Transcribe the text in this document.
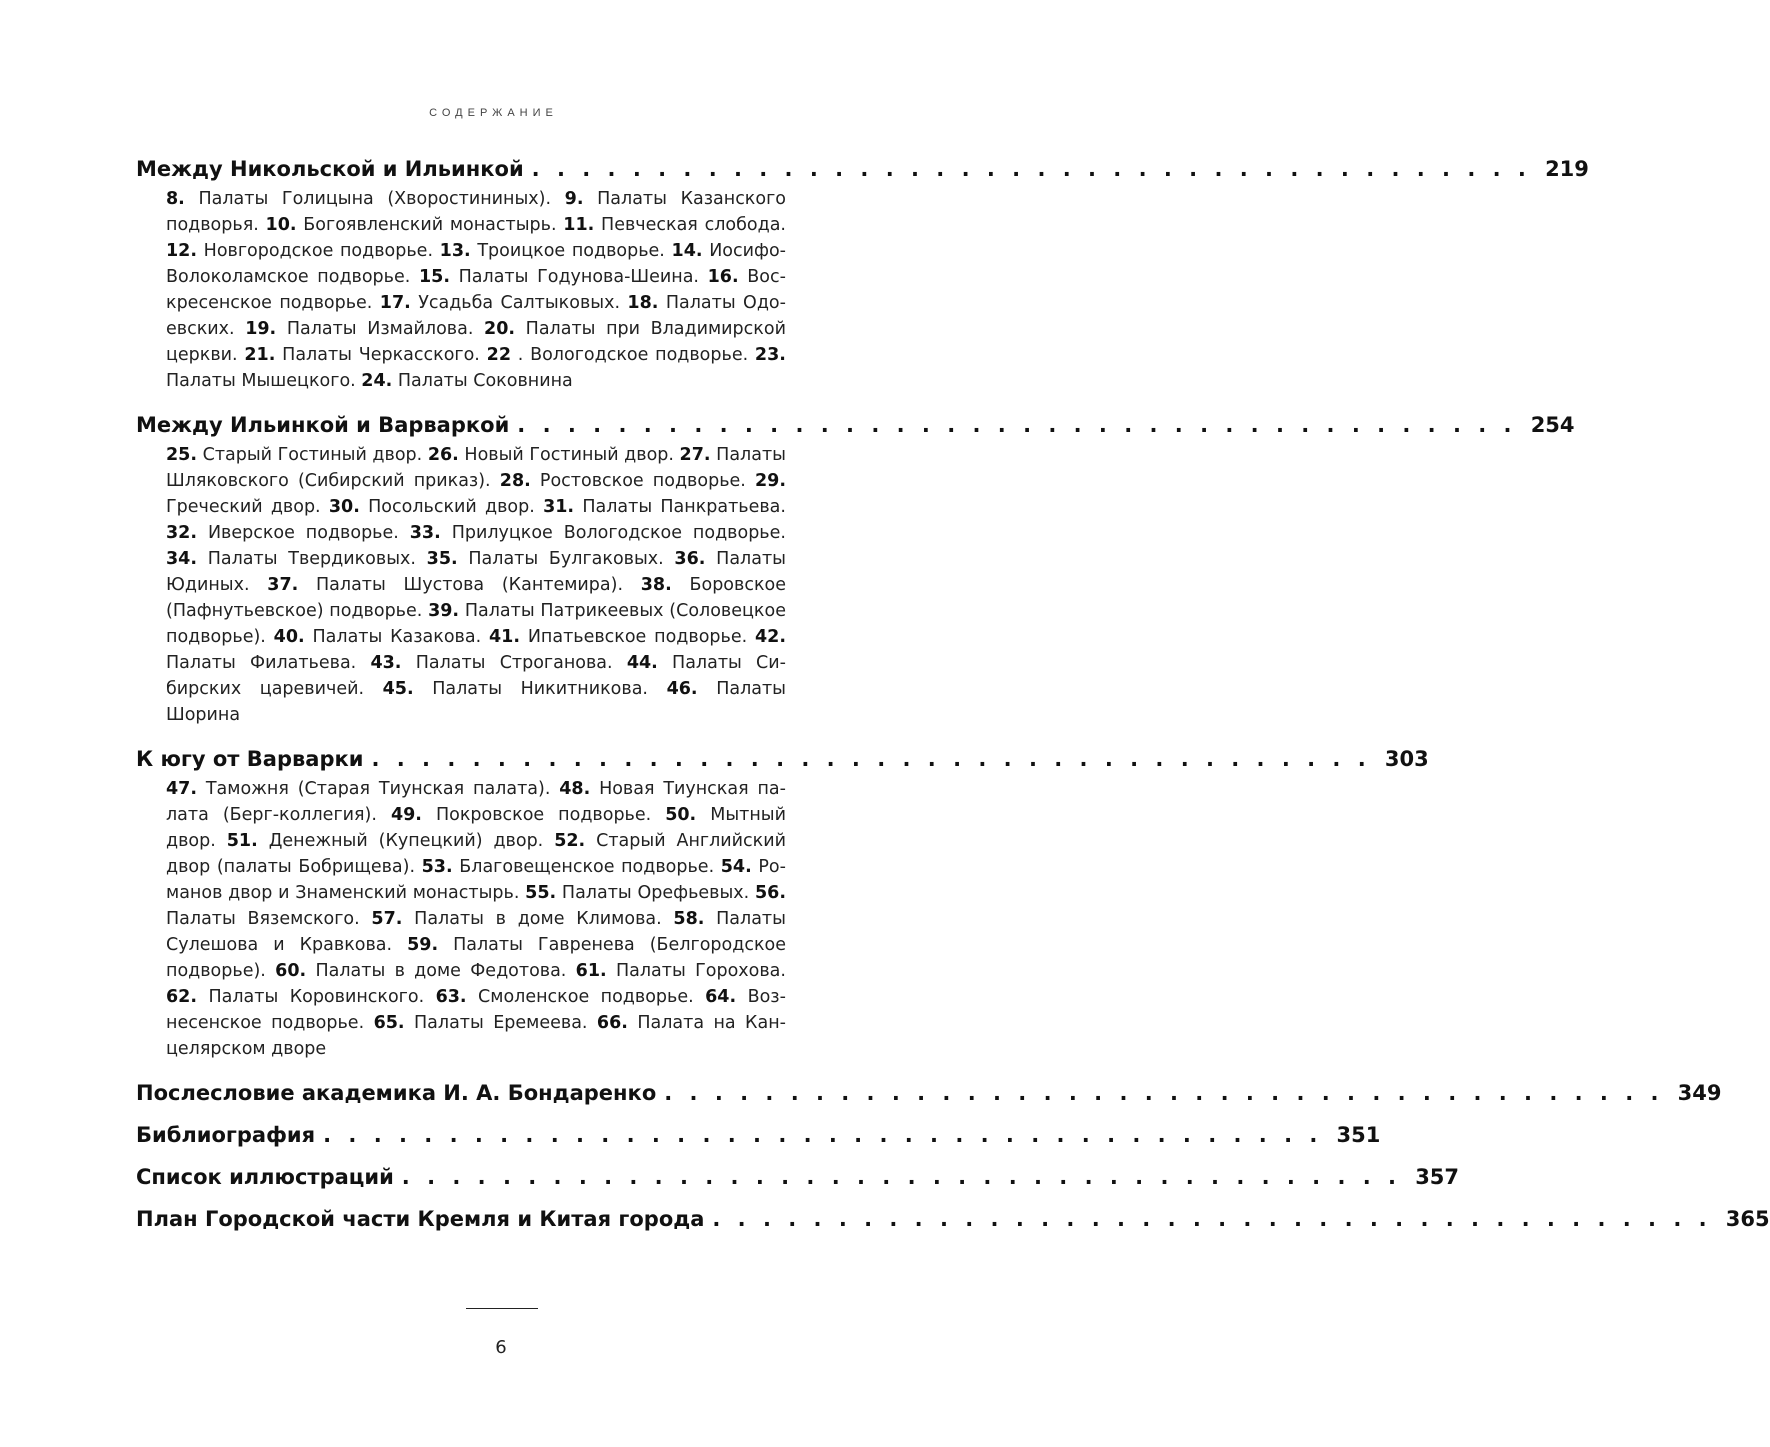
СОДЕРЖАНИЕ
Между Никольской и Ильинкой . . . . . . . . . . . . . . . . . . . . . . . . . . . . . . . . . . . . . . . . 219
8. Палаты Голицына (Хворостининых). 9. Палаты Казанского подворья. 10. Богоявленский монастырь. 11. Певческая слобода. 12. Новгородское подворье. 13. Троицкое подворье. 14. Иосифо-Волоколамское подворье. 15. Палаты Годунова-Шеина. 16. Воскресенское подворье. 17. Усадьба Салтыковых. 18. Палаты Одоевских. 19. Палаты Измайлова. 20. Палаты при Владимирской церкви. 21. Палаты Черкасского. 22 . Вологодское подворье. 23. Палаты Мышецкого. 24. Палаты Соковнина
Между Ильинкой и Варваркой . . . . . . . . . . . . . . . . . . . . . . . . . . . . . . . . . . . . . . . . 254
25. Старый Гостиный двор. 26. Новый Гостиный двор. 27. Палаты Шляковского (Сибирский приказ). 28. Ростовское подворье. 29. Греческий двор. 30. Посольский двор. 31. Палаты Панкратьева. 32. Иверское подворье. 33. Прилуцкое Вологодское подворье. 34. Палаты Твердиковых. 35. Палаты Булгаковых. 36. Палаты Юдиных. 37. Палаты Шустова (Кантемира). 38. Боровское (Пафнутьевское) подворье. 39. Палаты Патрикеевых (Соловецкое подворье). 40. Палаты Казакова. 41. Ипатьевское подворье. 42. Палаты Филатьева. 43. Палаты Строганова. 44. Палаты Сибирских царевичей. 45. Палаты Никитникова. 46. Палаты Шорина
К югу от Варварки . . . . . . . . . . . . . . . . . . . . . . . . . . . . . . . . . . . . . . . . 303
47. Таможня (Старая Тиунская палата). 48. Новая Тиунская палата (Берг-коллегия). 49. Покровское подворье. 50. Мытный двор. 51. Денежный (Купецкий) двор. 52. Старый Английский двор (палаты Бобрищева). 53. Благовещенское подворье. 54. Романов двор и Знаменский монастырь. 55. Палаты Орефьевых. 56. Палаты Вяземского. 57. Палаты в доме Климова. 58. Палаты Сулешова и Кравкова. 59. Палаты Гавренева (Белгородское подворье). 60. Палаты в доме Федотова. 61. Палаты Горохова. 62. Палаты Коровинского. 63. Смоленское подворье. 64. Вознесенское подворье. 65. Палаты Еремеева. 66. Палата на Канцелярском дворе
Послесловие академика И. А. Бондаренко . . . . . . . . . . . . . . . . . . . . . . . . . . . . . . . . . . . . . . . . 349
Библиография . . . . . . . . . . . . . . . . . . . . . . . . . . . . . . . . . . . . . . . . 351
Список иллюстраций . . . . . . . . . . . . . . . . . . . . . . . . . . . . . . . . . . . . . . . . 357
План Городской части Кремля и Китая города . . . . . . . . . . . . . . . . . . . . . . . . . . . . . . . . . . . . . . . . 365
6
